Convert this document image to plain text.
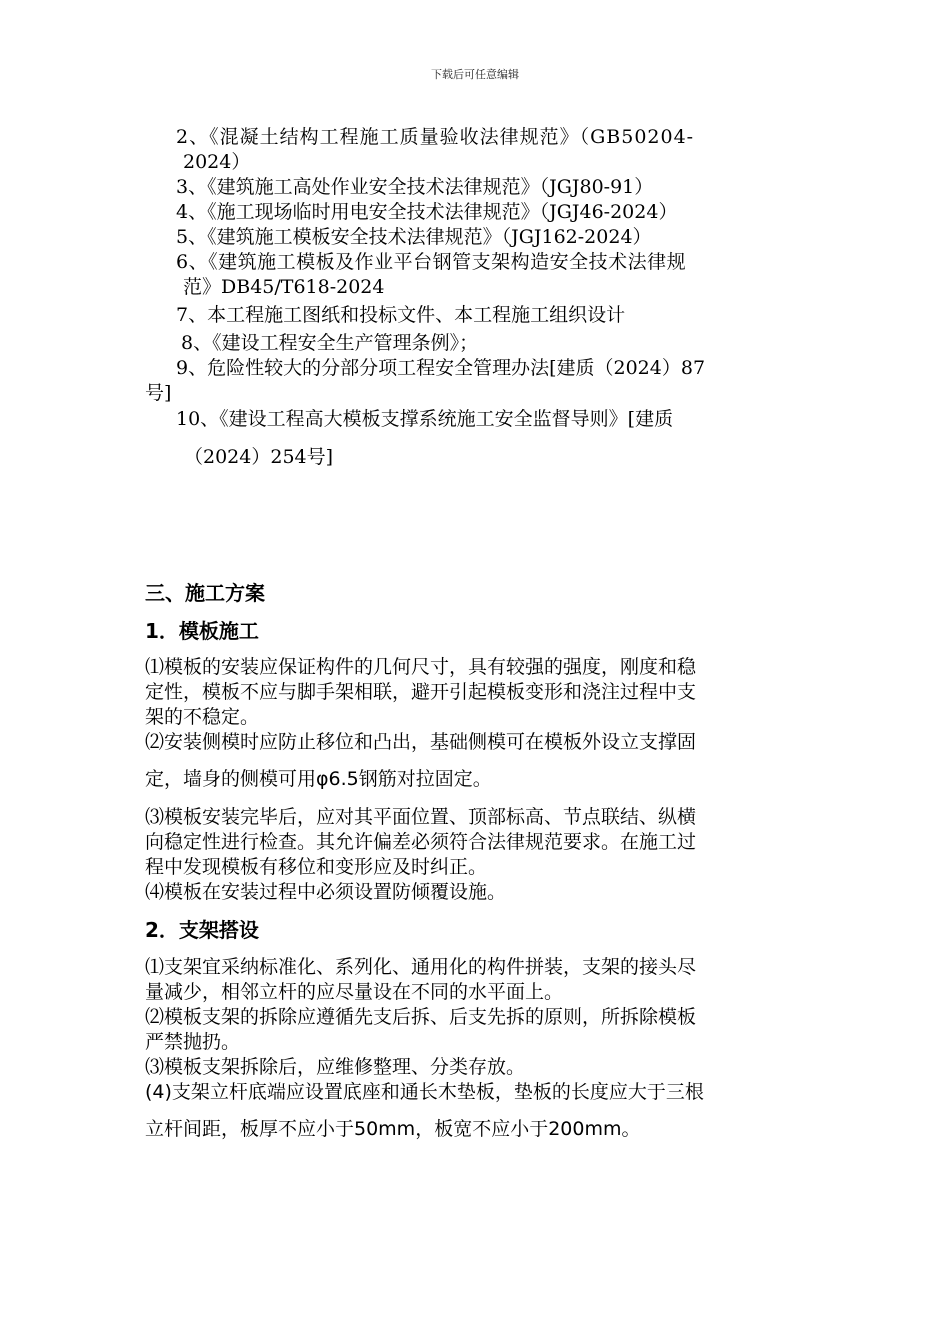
下载后可任意编辑
2、《混凝土结构工程施工质量验收法律规范》（GB50204-
2024）
3、《建筑施工高处作业安全技术法律规范》（JGJ80-91）
4、《施工现场临时用电安全技术法律规范》（JGJ46-2024）
5、《建筑施工模板安全技术法律规范》（JGJ162-2024）
6、《建筑施工模板及作业平台钢管支架构造安全技术法律规
范》DB45/T618-2024
7、本工程施工图纸和投标文件、本工程施工组织设计
8、《建设工程安全生产管理条例》；
9、危险性较大的分部分项工程安全管理办法[建质（2024）87
号]
10、《建设工程高大模板支撑系统施工安全监督导则》[建质
（2024）254号]
三、施工方案
1．模板施工
⑴模板的安装应保证构件的几何尺寸，具有较强的强度，刚度和稳
定性，模板不应与脚手架相联，避开引起模板变形和浇注过程中支
架的不稳定。
⑵安装侧模时应防止移位和凸出，基础侧模可在模板外设立支撑固
定，墙身的侧模可用φ6.5钢筋对拉固定。
⑶模板安装完毕后，应对其平面位置、顶部标高、节点联结、纵横
向稳定性进行检查。其允许偏差必须符合法律规范要求。在施工过
程中发现模板有移位和变形应及时纠正。
⑷模板在安装过程中必须设置防倾覆设施。
2．支架搭设
⑴支架宜采纳标准化、系列化、通用化的构件拼装，支架的接头尽
量减少，相邻立杆的应尽量设在不同的水平面上。
⑵模板支架的拆除应遵循先支后拆、后支先拆的原则，所拆除模板
严禁抛扔。
⑶模板支架拆除后，应维修整理、分类存放。
(4)支架立杆底端应设置底座和通长木垫板，垫板的长度应大于三根
立杆间距，板厚不应小于50mm，板宽不应小于200mm。
